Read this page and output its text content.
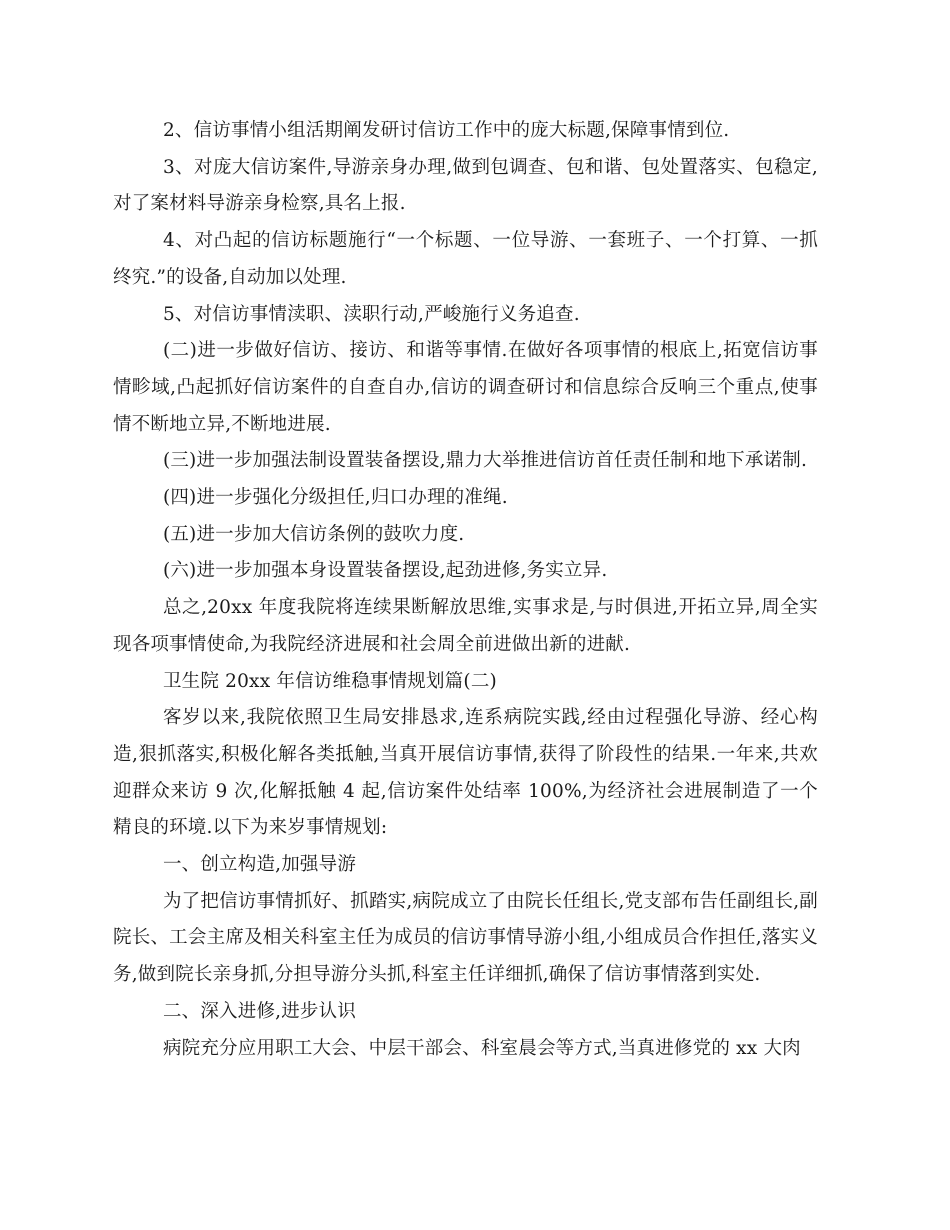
2、信访事情小组活期阐发研讨信访工作中的庞大标题,保障事情到位.

3、对庞大信访案件,导游亲身办理,做到包调查、包和谐、包处置落实、包稳定,对了案材料导游亲身检察,具名上报.

4、对凸起的信访标题施行“一个标题、一位导游、一套班子、一个打算、一抓终究.”的设备,自动加以处理.

5、对信访事情渎职、渎职行动,严峻施行义务追查.

(二)进一步做好信访、接访、和谐等事情.在做好各项事情的根底上,拓宽信访事情畛域,凸起抓好信访案件的自查自办,信访的调查研讨和信息综合反响三个重点,使事情不断地立异,不断地进展.

(三)进一步加强法制设置装备摆设,鼎力大举推进信访首任责任制和地下承诺制.

(四)进一步强化分级担任,归口办理的准绳.

(五)进一步加大信访条例的鼓吹力度.

(六)进一步加强本身设置装备摆设,起劲进修,务实立异.

总之,20xx 年度我院将连续果断解放思维,实事求是,与时俱进,开拓立异,周全实现各项事情使命,为我院经济进展和社会周全前进做出新的进献.

卫生院 20xx 年信访维稳事情规划篇(二)

客岁以来,我院依照卫生局安排恳求,连系病院实践,经由过程强化导游、经心构造,狠抓落实,积极化解各类抵触,当真开展信访事情,获得了阶段性的结果.一年来,共欢迎群众来访 9 次,化解抵触 4 起,信访案件处结率 100%,为经济社会进展制造了一个精良的环境.以下为来岁事情规划:

一、创立构造,加强导游

为了把信访事情抓好、抓踏实,病院成立了由院长任组长,党支部布告任副组长,副院长、工会主席及相关科室主任为成员的信访事情导游小组,小组成员合作担任,落实义务,做到院长亲身抓,分担导游分头抓,科室主任详细抓,确保了信访事情落到实处.

二、深入进修,进步认识

病院充分应用职工大会、中层干部会、科室晨会等方式,当真进修党的 xx 大肉
